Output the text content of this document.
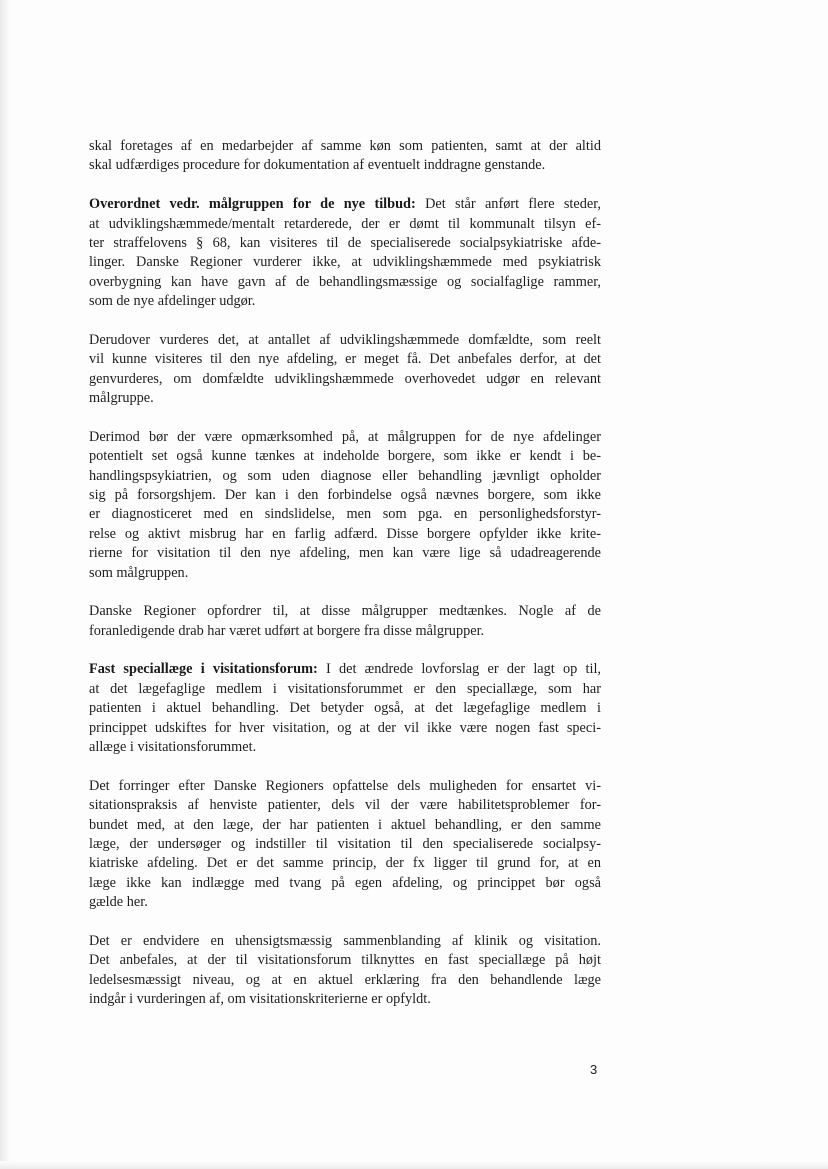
skal foretages af en medarbejder af samme køn som patienten, samt at der altid
skal udfærdiges procedure for dokumentation af eventuelt inddragne genstande.

Overordnet vedr. målgruppen for de nye tilbud: Det står anført flere steder,
at udviklingshæmmede/mentalt retarderede, der er dømt til kommunalt tilsyn ef-
ter straffelovens § 68, kan visiteres til de specialiserede socialpsykiatriske afde-
linger. Danske Regioner vurderer ikke, at udviklingshæmmede med psykiatrisk
overbygning kan have gavn af de behandlingsmæssige og socialfaglige rammer,
som de nye afdelinger udgør.

Derudover vurderes det, at antallet af udviklingshæmmede domfældte, som reelt
vil kunne visiteres til den nye afdeling, er meget få. Det anbefales derfor, at det
genvurderes, om domfældte udviklingshæmmede overhovedet udgør en relevant
målgruppe.

Derimod bør der være opmærksomhed på, at målgruppen for de nye afdelinger
potentielt set også kunne tænkes at indeholde borgere, som ikke er kendt i be-
handlingspsykiatrien, og som uden diagnose eller behandling jævnligt opholder
sig på forsorgshjem. Der kan i den forbindelse også nævnes borgere, som ikke
er diagnosticeret med en sindslidelse, men som pga. en personlighedsforstyr-
relse og aktivt misbrug har en farlig adfærd. Disse borgere opfylder ikke krite-
rierne for visitation til den nye afdeling, men kan være lige så udadreagerende
som målgruppen.

Danske Regioner opfordrer til, at disse målgrupper medtænkes. Nogle af de
foranledigende drab har været udført at borgere fra disse målgrupper.

Fast speciallæge i visitationsforum: I det ændrede lovforslag er der lagt op til,
at det lægefaglige medlem i visitationsforummet er den speciallæge, som har
patienten i aktuel behandling. Det betyder også, at det lægefaglige medlem i
princippet udskiftes for hver visitation, og at der vil ikke være nogen fast speci-
allæge i visitationsforummet.

Det forringer efter Danske Regioners opfattelse dels muligheden for ensartet vi-
sitationspraksis af henviste patienter, dels vil der være habilitetsproblemer for-
bundet med, at den læge, der har patienten i aktuel behandling, er den samme
læge, der undersøger og indstiller til visitation til den specialiserede socialpsy-
kiatriske afdeling. Det er det samme princip, der fx ligger til grund for, at en
læge ikke kan indlægge med tvang på egen afdeling, og princippet bør også
gælde her.

Det er endvidere en uhensigtsmæssig sammenblanding af klinik og visitation.
Det anbefales, at der til visitationsforum tilknyttes en fast speciallæge på højt
ledelsesmæssigt niveau, og at en aktuel erklæring fra den behandlende læge
indgår i vurderingen af, om visitationskriterierne er opfyldt.

3
